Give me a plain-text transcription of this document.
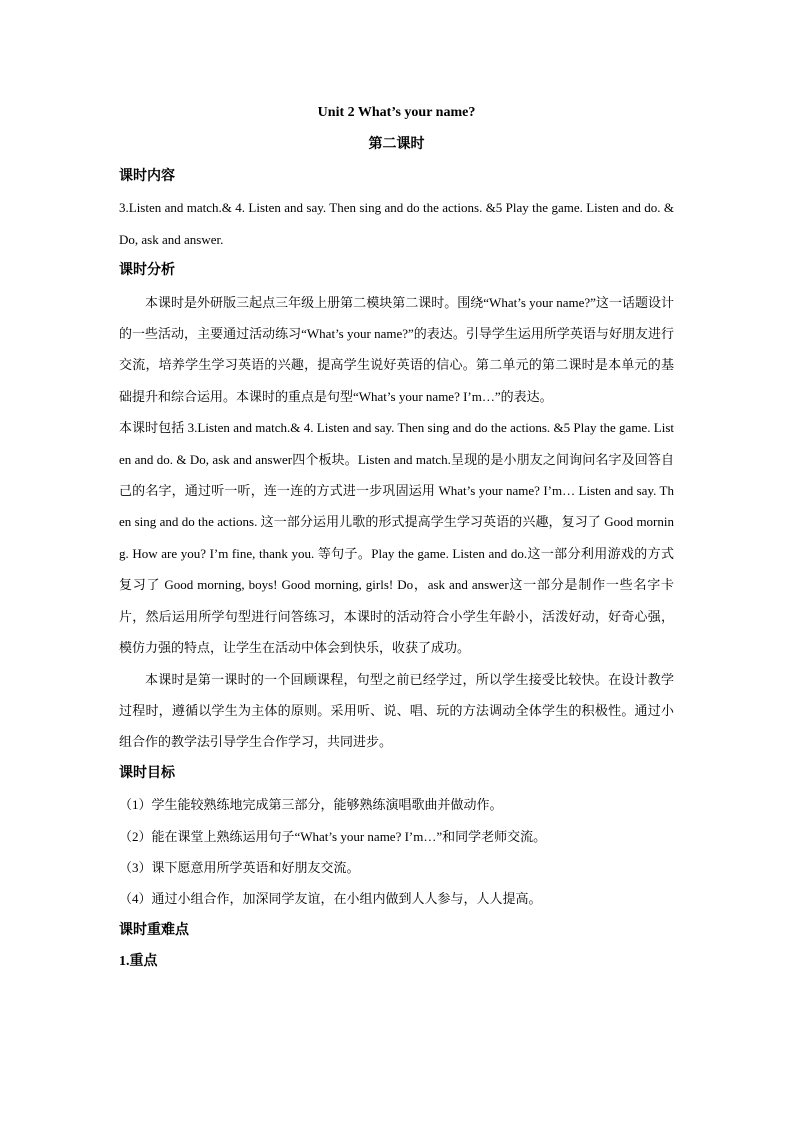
Unit 2 What’s your name?

第二课时

课时内容

3.Listen and match.& 4. Listen and say. Then sing and do the actions. &5 Play the game. Listen and do. & Do, ask and answer.

课时分析

本课时是外研版三起点三年级上册第二模块第二课时。围绕“What’s your name?”这一话题设计的一些活动，主要通过活动练习“What’s your name?”的表达。引导学生运用所学英语与好朋友进行交流，培养学生学习英语的兴趣，提高学生说好英语的信心。第二单元的第二课时是本单元的基础提升和综合运用。本课时的重点是句型“What’s your name? I’m…”的表达。

本课时包括 3.Listen and match.& 4. Listen and say. Then sing and do the actions. &5 Play the game. Listen and do. & Do, ask and answer四个板块。Listen and match.呈现的是小朋友之间询问名字及回答自己的名字，通过听一听，连一连的方式进一步巩固运用 What’s your name? I’m… Listen and say. Then sing and do the actions. 这一部分运用儿歌的形式提高学生学习英语的兴趣，复习了 Good morning. How are you? I’m fine, thank you. 等句子。Play the game. Listen and do.这一部分利用游戏的方式复习了 Good morning, boys! Good morning, girls! Do，ask and answer这一部分是制作一些名字卡片，然后运用所学句型进行问答练习，本课时的活动符合小学生年龄小，活泼好动，好奇心强，模仿力强的特点，让学生在活动中体会到快乐，收获了成功。

本课时是第一课时的一个回顾课程，句型之前已经学过，所以学生接受比较快。在设计教学过程时，遵循以学生为主体的原则。采用听、说、唱、玩的方法调动全体学生的积极性。通过小组合作的教学法引导学生合作学习，共同进步。

课时目标

（1）学生能较熟练地完成第三部分，能够熟练演唱歌曲并做动作。

（2）能在课堂上熟练运用句子“What’s your name? I’m…”和同学老师交流。

（3）课下愿意用所学英语和好朋友交流。

（4）通过小组合作，加深同学友谊，在小组内做到人人参与，人人提高。

课时重难点

1.重点
